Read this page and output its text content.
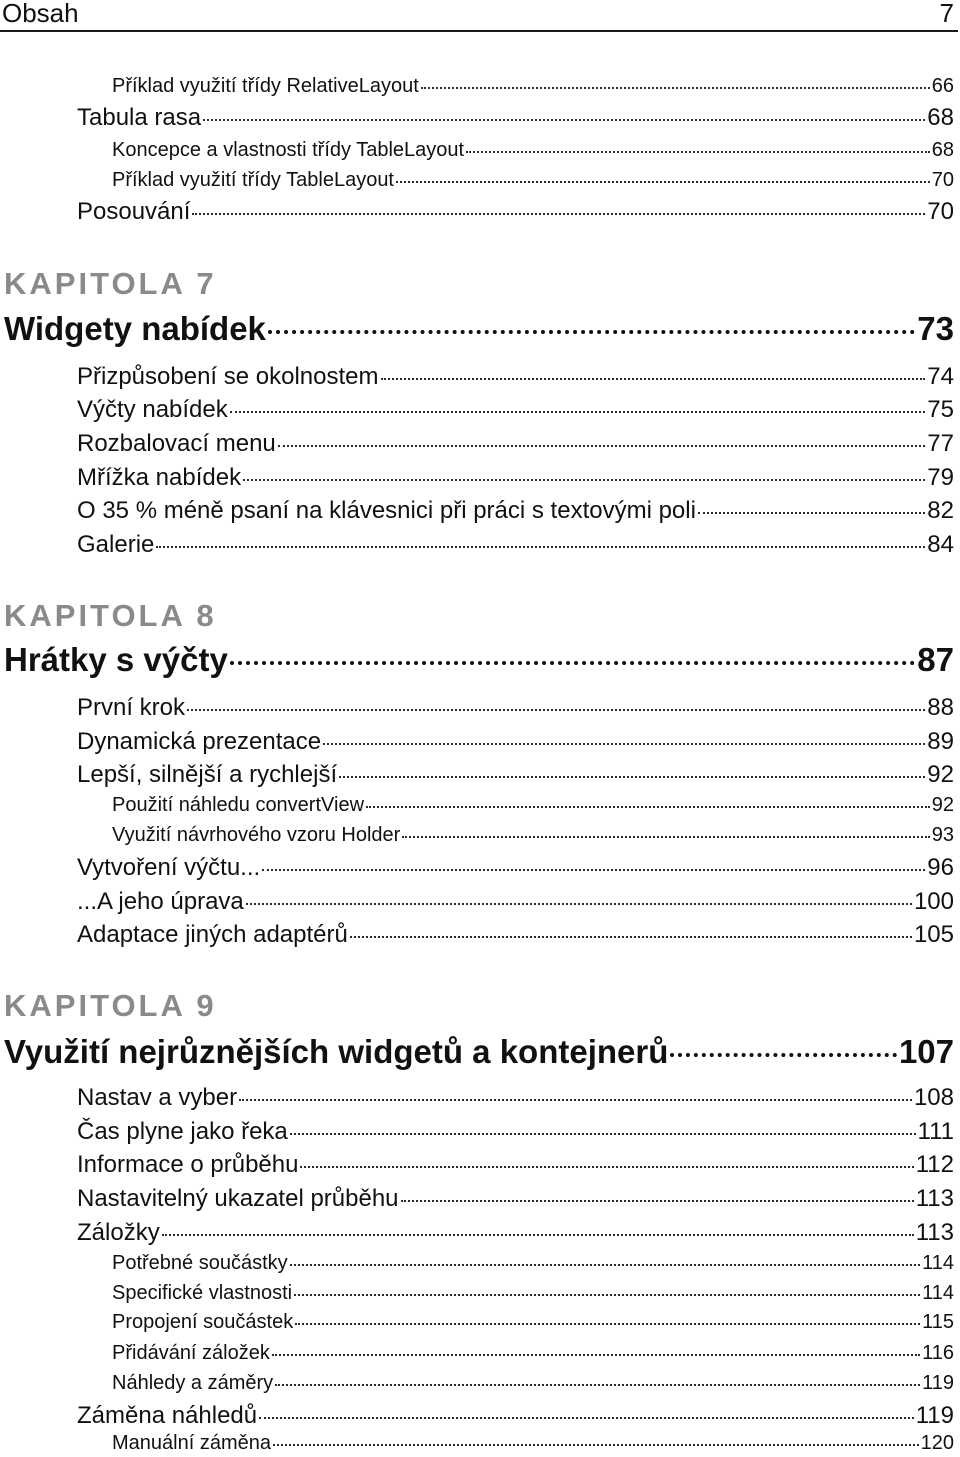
Obsah	7
Příklad využití třídy RelativeLayout	66
Tabula rasa	68
Koncepce a vlastnosti třídy TableLayout	68
Příklad využití třídy TableLayout	70
Posouvání	70
KAPITOLA 7
Widgety nabídek	73
Přizpůsobení se okolnostem	74
Výčty nabídek	75
Rozbalovací menu	77
Mřížka nabídek	79
O 35 % méně psaní na klávesnici při práci s textovými poli	82
Galerie	84
KAPITOLA 8
Hrátky s výčty	87
První krok	88
Dynamická prezentace	89
Lepší, silnější a rychlejší	92
Použití náhledu convertView	92
Využití návrhového vzoru Holder	93
Vytvoření výčtu...	96
...A jeho úprava	100
Adaptace jiných adaptérů	105
KAPITOLA 9
Využití nejrůznějších widgetů a kontejnerů	107
Nastav a vyber	108
Čas plyne jako řeka	111
Informace o průběhu	112
Nastavitelný ukazatel průběhu	113
Záložky	113
Potřebné součástky	114
Specifické vlastnosti	114
Propojení součástek	115
Přidávání záložek	116
Náhledy a záměry	119
Záměna náhledů	119
Manuální záměna	120
